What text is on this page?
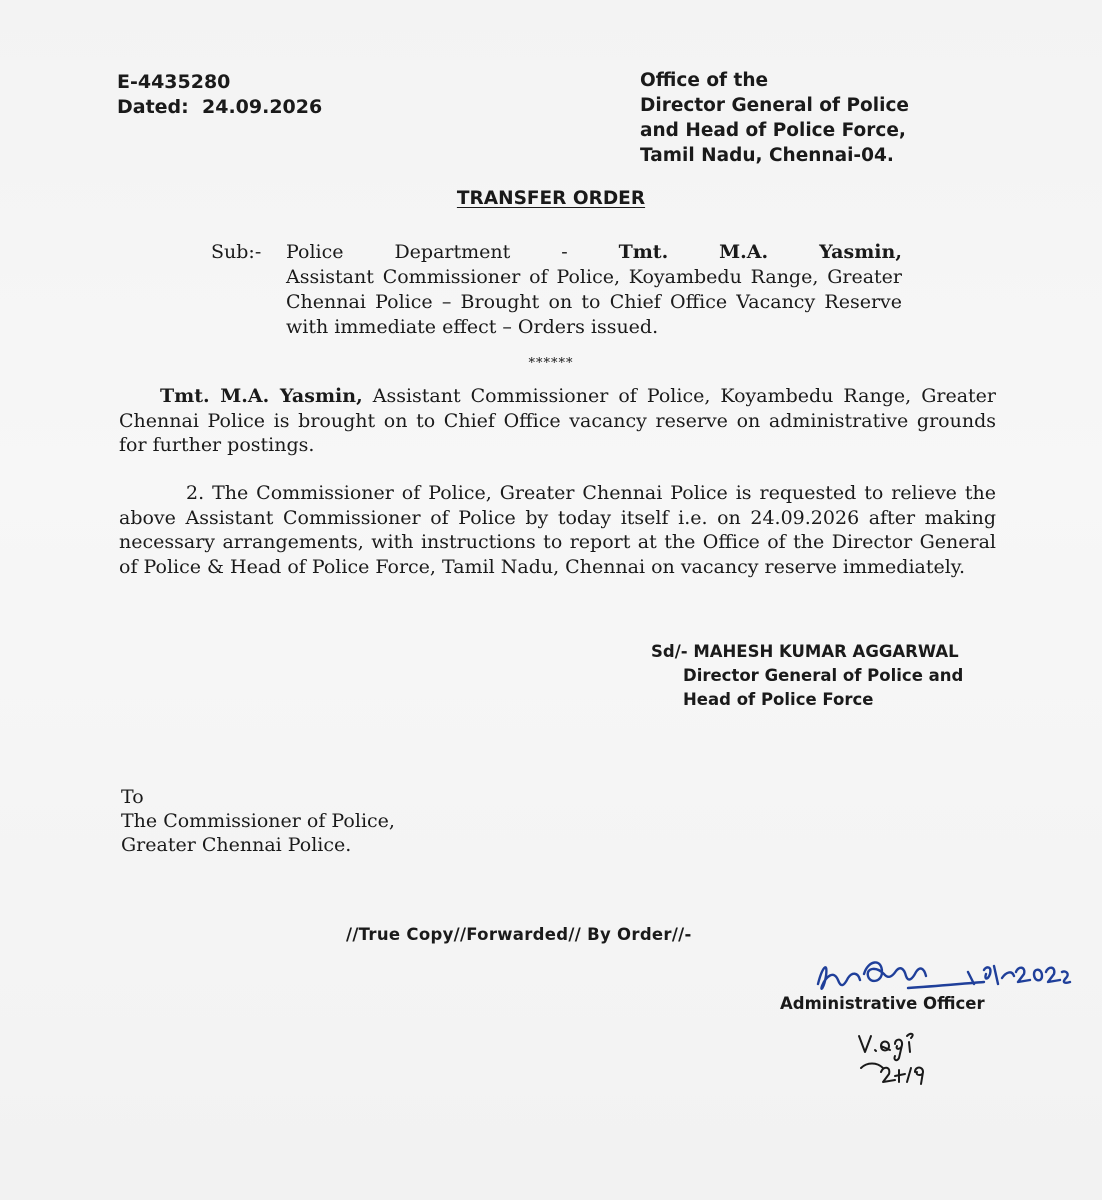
E-4435280
Dated: 24.09.2026
Office of the
Director General of Police
and Head of Police Force,
Tamil Nadu, Chennai-04.
TRANSFER ORDER
Sub:- Police	Department	-	Tmt.	M.A.	Yasmin,
Assistant Commissioner of Police, Koyambedu Range, Greater Chennai Police – Brought on to Chief Office Vacancy Reserve with immediate effect – Orders issued.
******
Tmt. M.A. Yasmin, Assistant Commissioner of Police, Koyambedu Range, Greater Chennai Police is brought on to Chief Office vacancy reserve on administrative grounds for further postings.
2. The Commissioner of Police, Greater Chennai Police is requested to relieve the above Assistant Commissioner of Police by today itself i.e. on 24.09.2026 after making necessary arrangements, with instructions to report at the Office of the Director General of Police & Head of Police Force, Tamil Nadu, Chennai on vacancy reserve immediately.
Sd/- MAHESH KUMAR AGGARWAL
Director General of Police and
Head of Police Force
To
The Commissioner of Police,
Greater Chennai Police.
//True Copy//Forwarded// By Order//-
Administrative Officer
